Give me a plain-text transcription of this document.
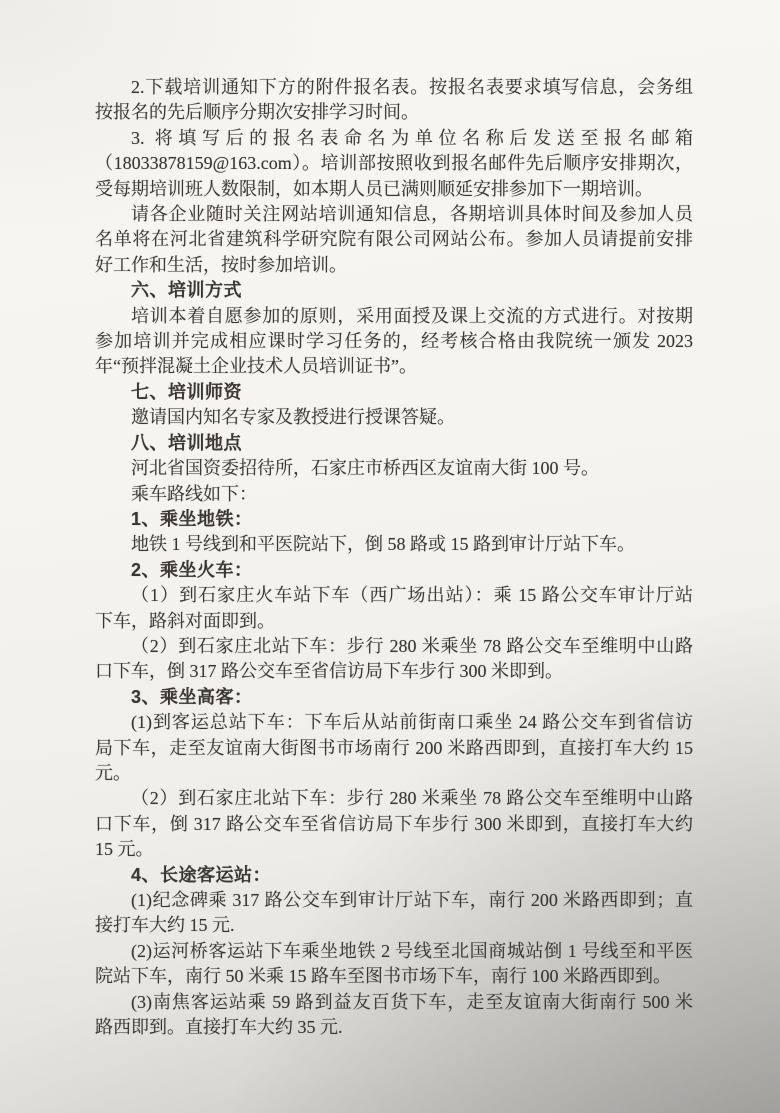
2.下载培训通知下方的附件报名表。按报名表要求填写信息，会务组
按报名的先后顺序分期次安排学习时间。
3. 将填写后的报名表命名为单位名称后发送至报名邮箱
（18033878159@163.com）。培训部按照收到报名邮件先后顺序安排期次，
受每期培训班人数限制，如本期人员已满则顺延安排参加下一期培训。
请各企业随时关注网站培训通知信息，各期培训具体时间及参加人员
名单将在河北省建筑科学研究院有限公司网站公布。参加人员请提前安排
好工作和生活，按时参加培训。
六、培训方式
培训本着自愿参加的原则，采用面授及课上交流的方式进行。对按期
参加培训并完成相应课时学习任务的，经考核合格由我院统一颁发 2023
年“预拌混凝土企业技术人员培训证书”。
七、培训师资
邀请国内知名专家及教授进行授课答疑。
八、培训地点
河北省国资委招待所，石家庄市桥西区友谊南大街 100 号。
乘车路线如下：
1、乘坐地铁：
地铁 1 号线到和平医院站下，倒 58 路或 15 路到审计厅站下车。
2、乘坐火车：
（1）到石家庄火车站下车（西广场出站）：乘 15 路公交车审计厅站
下车，路斜对面即到。
（2）到石家庄北站下车：步行 280 米乘坐 78 路公交车至维明中山路
口下车，倒 317 路公交车至省信访局下车步行 300 米即到。
3、乘坐高客：
(1)到客运总站下车：下车后从站前街南口乘坐 24 路公交车到省信访
局下车，走至友谊南大街图书市场南行 200 米路西即到，直接打车大约 15
元。
（2）到石家庄北站下车：步行 280 米乘坐 78 路公交车至维明中山路
口下车，倒 317 路公交车至省信访局下车步行 300 米即到，直接打车大约
15 元。
4、长途客运站：
(1)纪念碑乘 317 路公交车到审计厅站下车，南行 200 米路西即到；直
接打车大约 15 元.
(2)运河桥客运站下车乘坐地铁 2 号线至北国商城站倒 1 号线至和平医
院站下车，南行 50 米乘 15 路车至图书市场下车，南行 100 米路西即到。
(3)南焦客运站乘 59 路到益友百货下车，走至友谊南大街南行 500 米
路西即到。直接打车大约 35 元.
